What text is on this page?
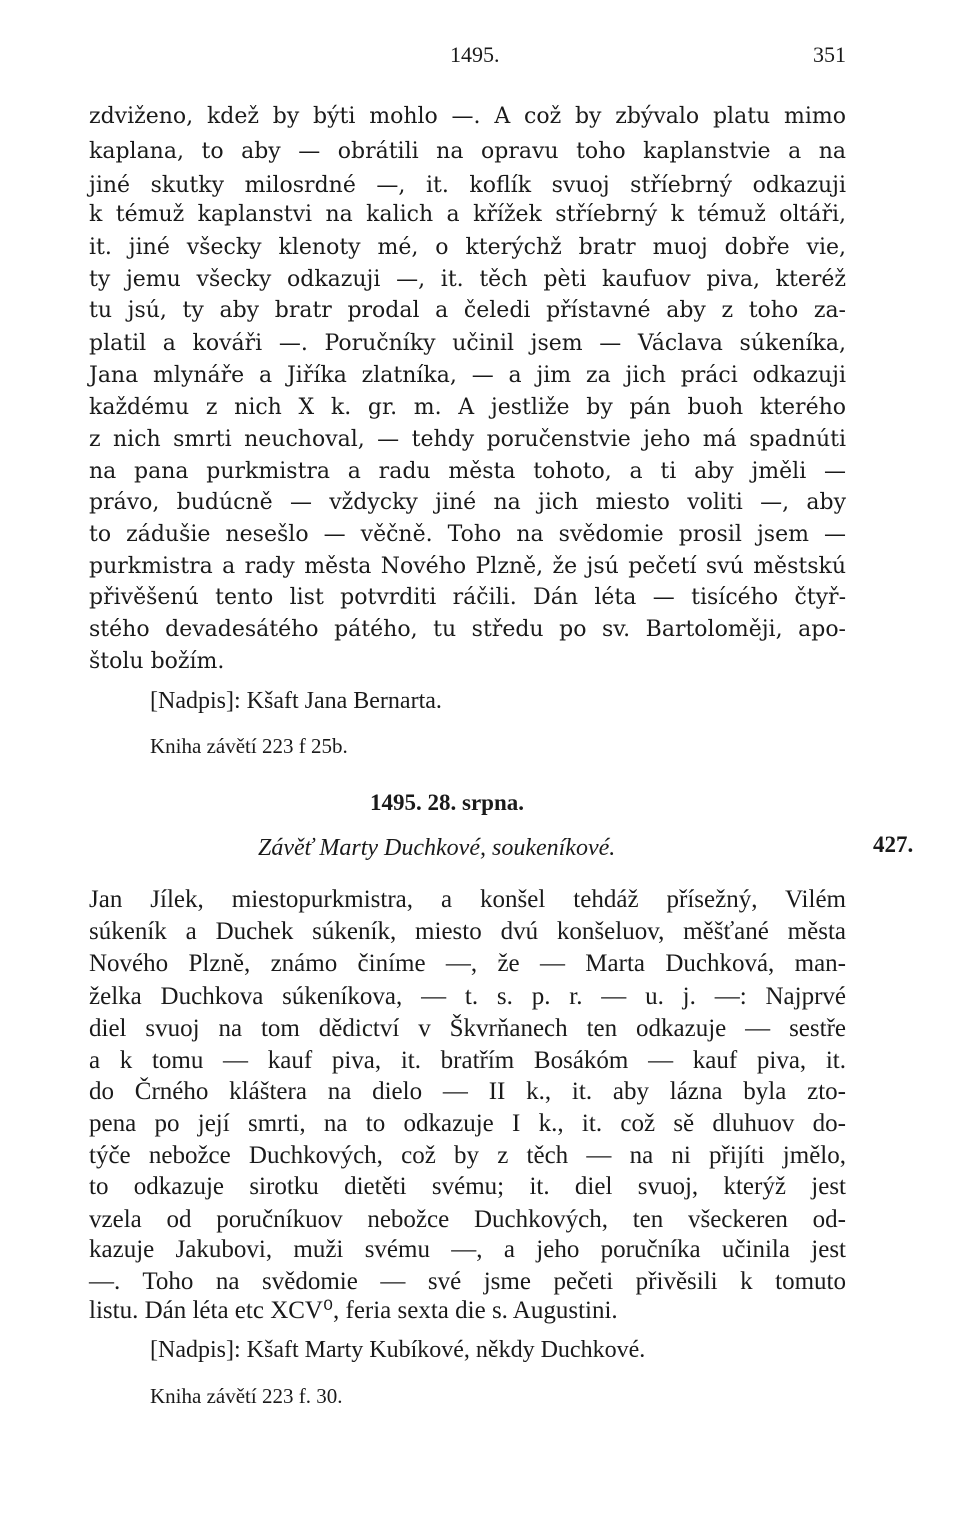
1495.	351
zdviženo, kdež by býti mohlo —. A což by zbývalo platu mimo
kaplana, to aby — obrátili na opravu toho kaplanstvie a na
jiné skutky milosrdné —, it. koflík svuoj stříebrný odkazuji
k témuž kaplanstvi na kalich a křížek stříebrný k témuž oltáři,
it. jiné všecky klenoty mé, o kterýchž bratr muoj dobře vie,
ty jemu všecky odkazuji —, it. těch pèti kaufuov piva, kteréž
tu jsú, ty aby bratr prodal a čeledi přístavné aby z toho za-
platil a kováři —. Poručníky učinil jsem — Václava súkeníka,
Jana mlynáře a Jiříka zlatníka, — a jim za jich práci odkazuji
každému z nich X k. gr. m. A jestliže by pán buoh kterého
z nich smrti neuchoval, — tehdy poručenstvie jeho má spadnúti
na pana purkmistra a radu města tohoto, a ti aby jměli —
právo, budúcně — vždycky jiné na jich miesto voliti —, aby
to zádušie nesešlo — věčně. Toho na svědomie prosil jsem —
purkmistra a rady města Nového Plzně, že jsú pečetí svú městskú
přivěšenú tento list potvrditi ráčili. Dán léta — tisícého čtyř-
stého devadesátého pátého, tu středu po sv. Bartoloměji, apo-
štolu božím.
[Nadpis]: Kšaft Jana Bernarta.
Kniha závětí 223 f 25b.
1495. 28. srpna.
Závěť Marty Duchkové, soukeníkové.	427.
Jan Jílek, miestopurkmistra, a konšel tehdáž přísežný, Vilém
súkeník a Duchek súkeník, miesto dvú konšeluov, měšťané města
Nového Plzně, známo činíme —, že — Marta Duchková, man-
želka Duchkova súkeníkova, — t. s. p. r. — u. j. —: Najprvé
diel svuoj na tom dědictví v Škvrňanech ten odkazuje — sestře
a k tomu — kauf piva, it. bratřím Bosákóm — kauf piva, it.
do Črného kláštera na dielo — II k., it. aby lázna byla zto-
pena po její smrti, na to odkazuje I k., it. což sě dluhuov do-
týče nebožce Duchkových, což by z těch — na ni přijíti jmělo,
to odkazuje sirotku dietěti svému; it. diel svuoj, kterýž jest
vzela od poručníkuov nebožce Duchkových, ten všeckeren od-
kazuje Jakubovi, muži svému —, a jeho poručníka učinila jest
—. Toho na svědomie — své jsme pečeti přivěsili k tomuto
listu. Dán léta etc XCV⁰, feria sexta die s. Augustini.
[Nadpis]: Kšaft Marty Kubíkové, někdy Duchkové.
Kniha závětí 223 f. 30.
